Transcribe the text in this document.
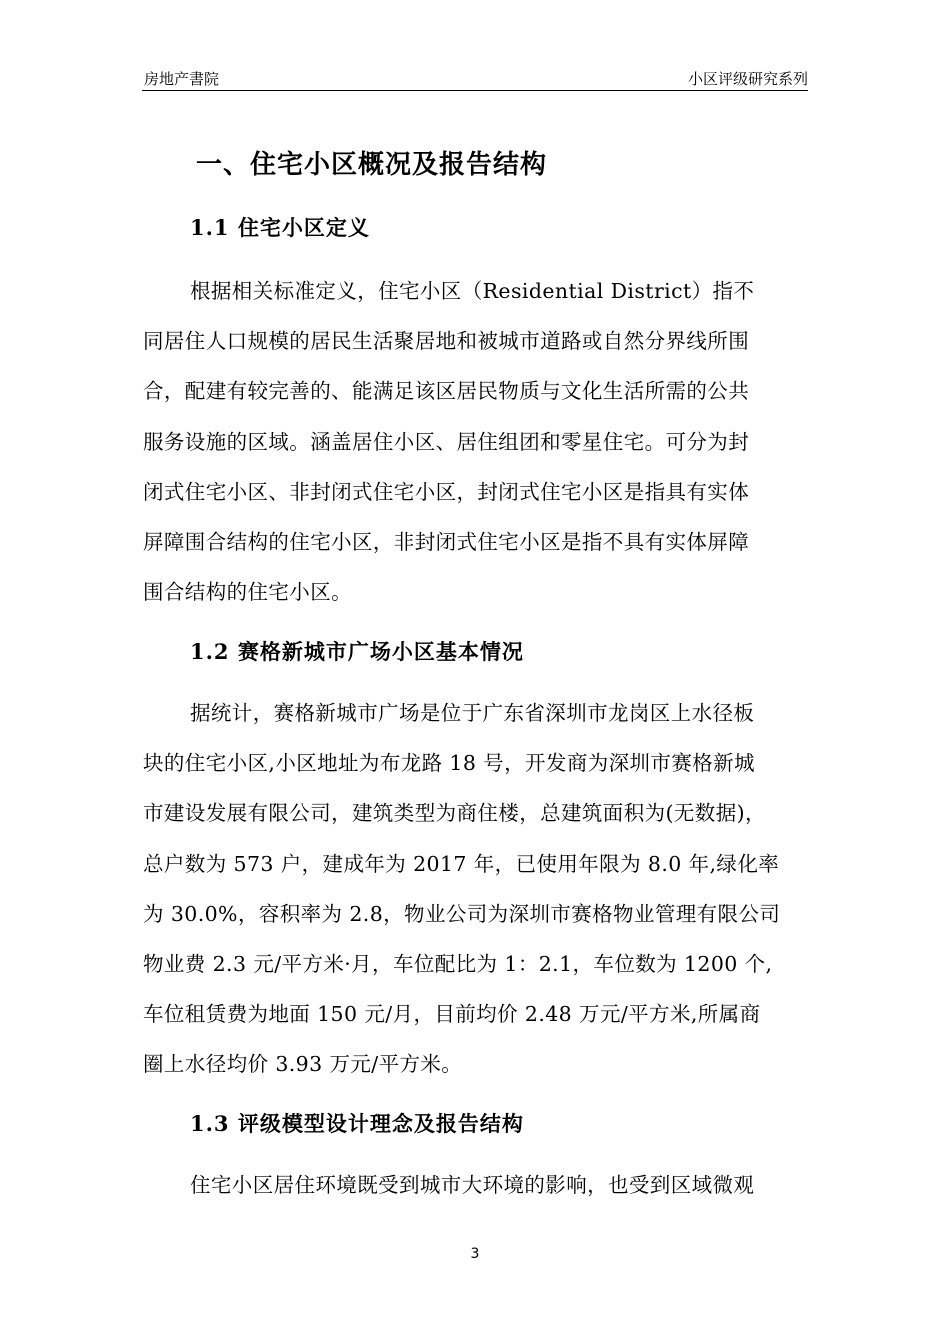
房地产書院	小区评级研究系列
一、住宅小区概况及报告结构
1.1 住宅小区定义
根据相关标准定义，住宅小区（Residential District）指不
同居住人口规模的居民生活聚居地和被城市道路或自然分界线所围
合，配建有较完善的、能满足该区居民物质与文化生活所需的公共
服务设施的区域。涵盖居住小区、居住组团和零星住宅。可分为封
闭式住宅小区、非封闭式住宅小区，封闭式住宅小区是指具有实体
屏障围合结构的住宅小区，非封闭式住宅小区是指不具有实体屏障
围合结构的住宅小区。
1.2 赛格新城市广场小区基本情况
据统计，赛格新城市广场是位于广东省深圳市龙岗区上水径板
块的住宅小区,小区地址为布龙路 18 号，开发商为深圳市赛格新城
市建设发展有限公司，建筑类型为商住楼，总建筑面积为(无数据)，
总户数为 573 户，建成年为 2017 年，已使用年限为 8.0 年,绿化率
为 30.0%，容积率为 2.8，物业公司为深圳市赛格物业管理有限公司
物业费 2.3 元/平方米·月，车位配比为 1：2.1，车位数为 1200 个,
车位租赁费为地面 150 元/月，目前均价 2.48 万元/平方米,所属商
圈上水径均价 3.93 万元/平方米。
1.3 评级模型设计理念及报告结构
住宅小区居住环境既受到城市大环境的影响，也受到区域微观
3
